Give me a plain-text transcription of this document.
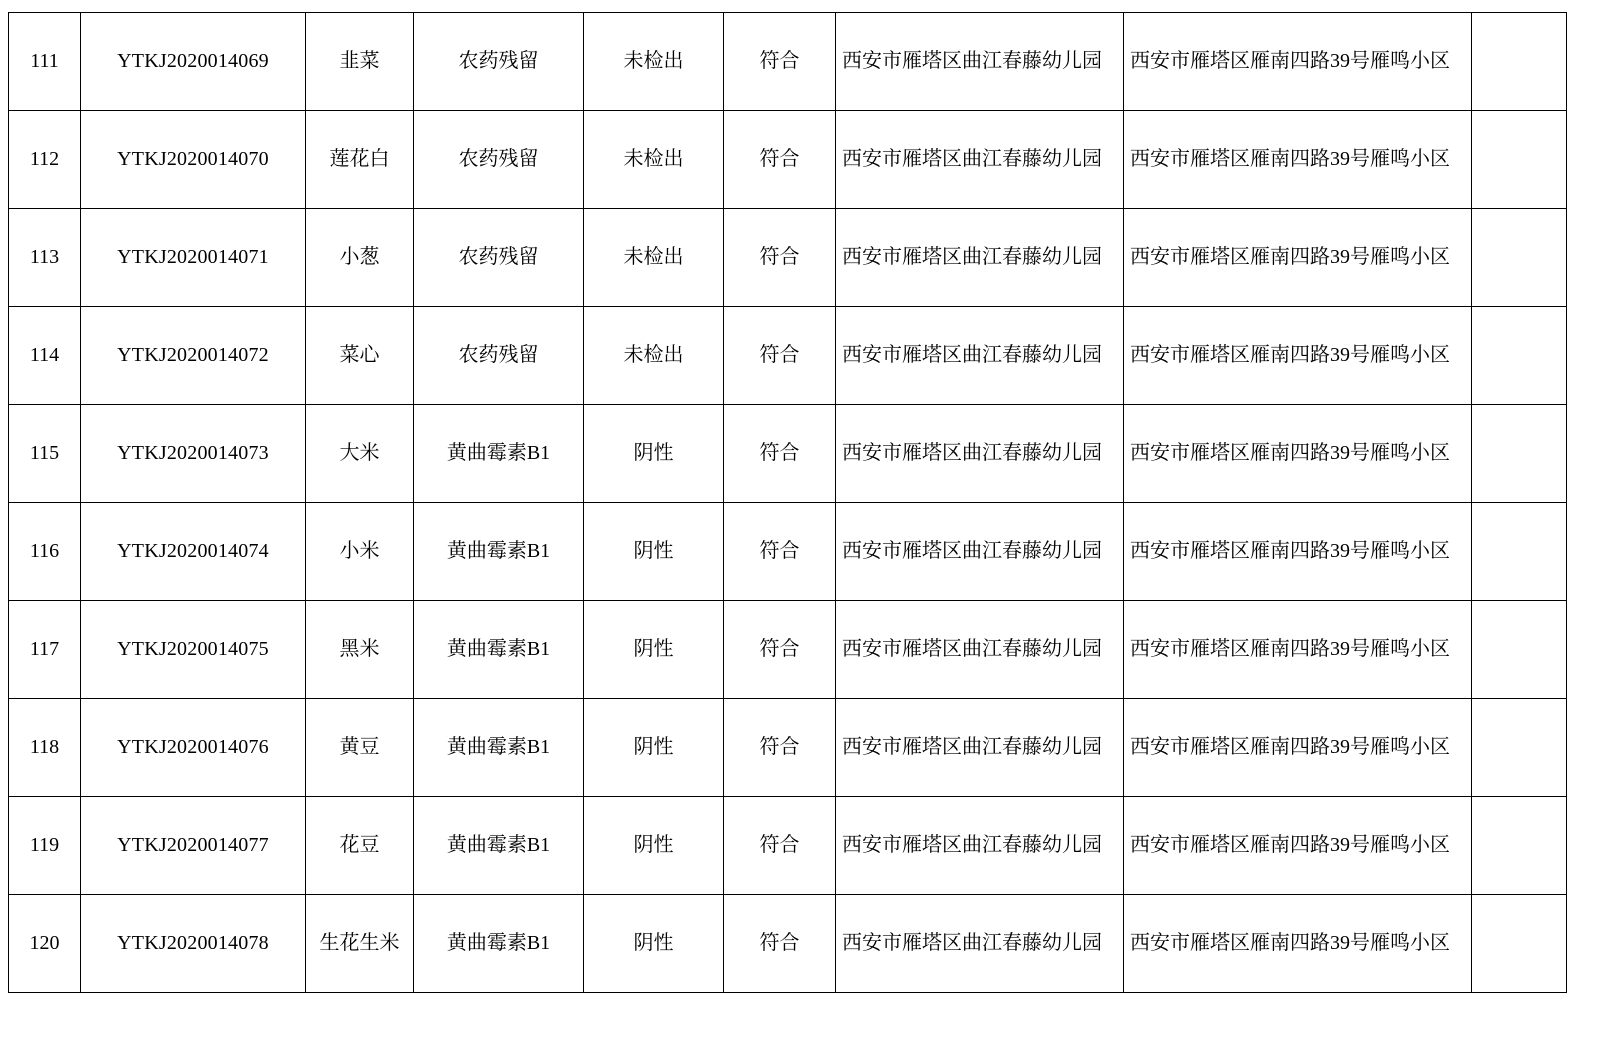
111	YTKJ2020014069	韭菜	农药残留	未检出	符合	西安市雁塔区曲江春藤幼儿园	西安市雁塔区雁南四路39号雁鸣小区	
112	YTKJ2020014070	莲花白	农药残留	未检出	符合	西安市雁塔区曲江春藤幼儿园	西安市雁塔区雁南四路39号雁鸣小区	
113	YTKJ2020014071	小葱	农药残留	未检出	符合	西安市雁塔区曲江春藤幼儿园	西安市雁塔区雁南四路39号雁鸣小区	
114	YTKJ2020014072	菜心	农药残留	未检出	符合	西安市雁塔区曲江春藤幼儿园	西安市雁塔区雁南四路39号雁鸣小区	
115	YTKJ2020014073	大米	黄曲霉素B1	阴性	符合	西安市雁塔区曲江春藤幼儿园	西安市雁塔区雁南四路39号雁鸣小区	
116	YTKJ2020014074	小米	黄曲霉素B1	阴性	符合	西安市雁塔区曲江春藤幼儿园	西安市雁塔区雁南四路39号雁鸣小区	
117	YTKJ2020014075	黑米	黄曲霉素B1	阴性	符合	西安市雁塔区曲江春藤幼儿园	西安市雁塔区雁南四路39号雁鸣小区	
118	YTKJ2020014076	黄豆	黄曲霉素B1	阴性	符合	西安市雁塔区曲江春藤幼儿园	西安市雁塔区雁南四路39号雁鸣小区	
119	YTKJ2020014077	花豆	黄曲霉素B1	阴性	符合	西安市雁塔区曲江春藤幼儿园	西安市雁塔区雁南四路39号雁鸣小区	
120	YTKJ2020014078	生花生米	黄曲霉素B1	阴性	符合	西安市雁塔区曲江春藤幼儿园	西安市雁塔区雁南四路39号雁鸣小区	
